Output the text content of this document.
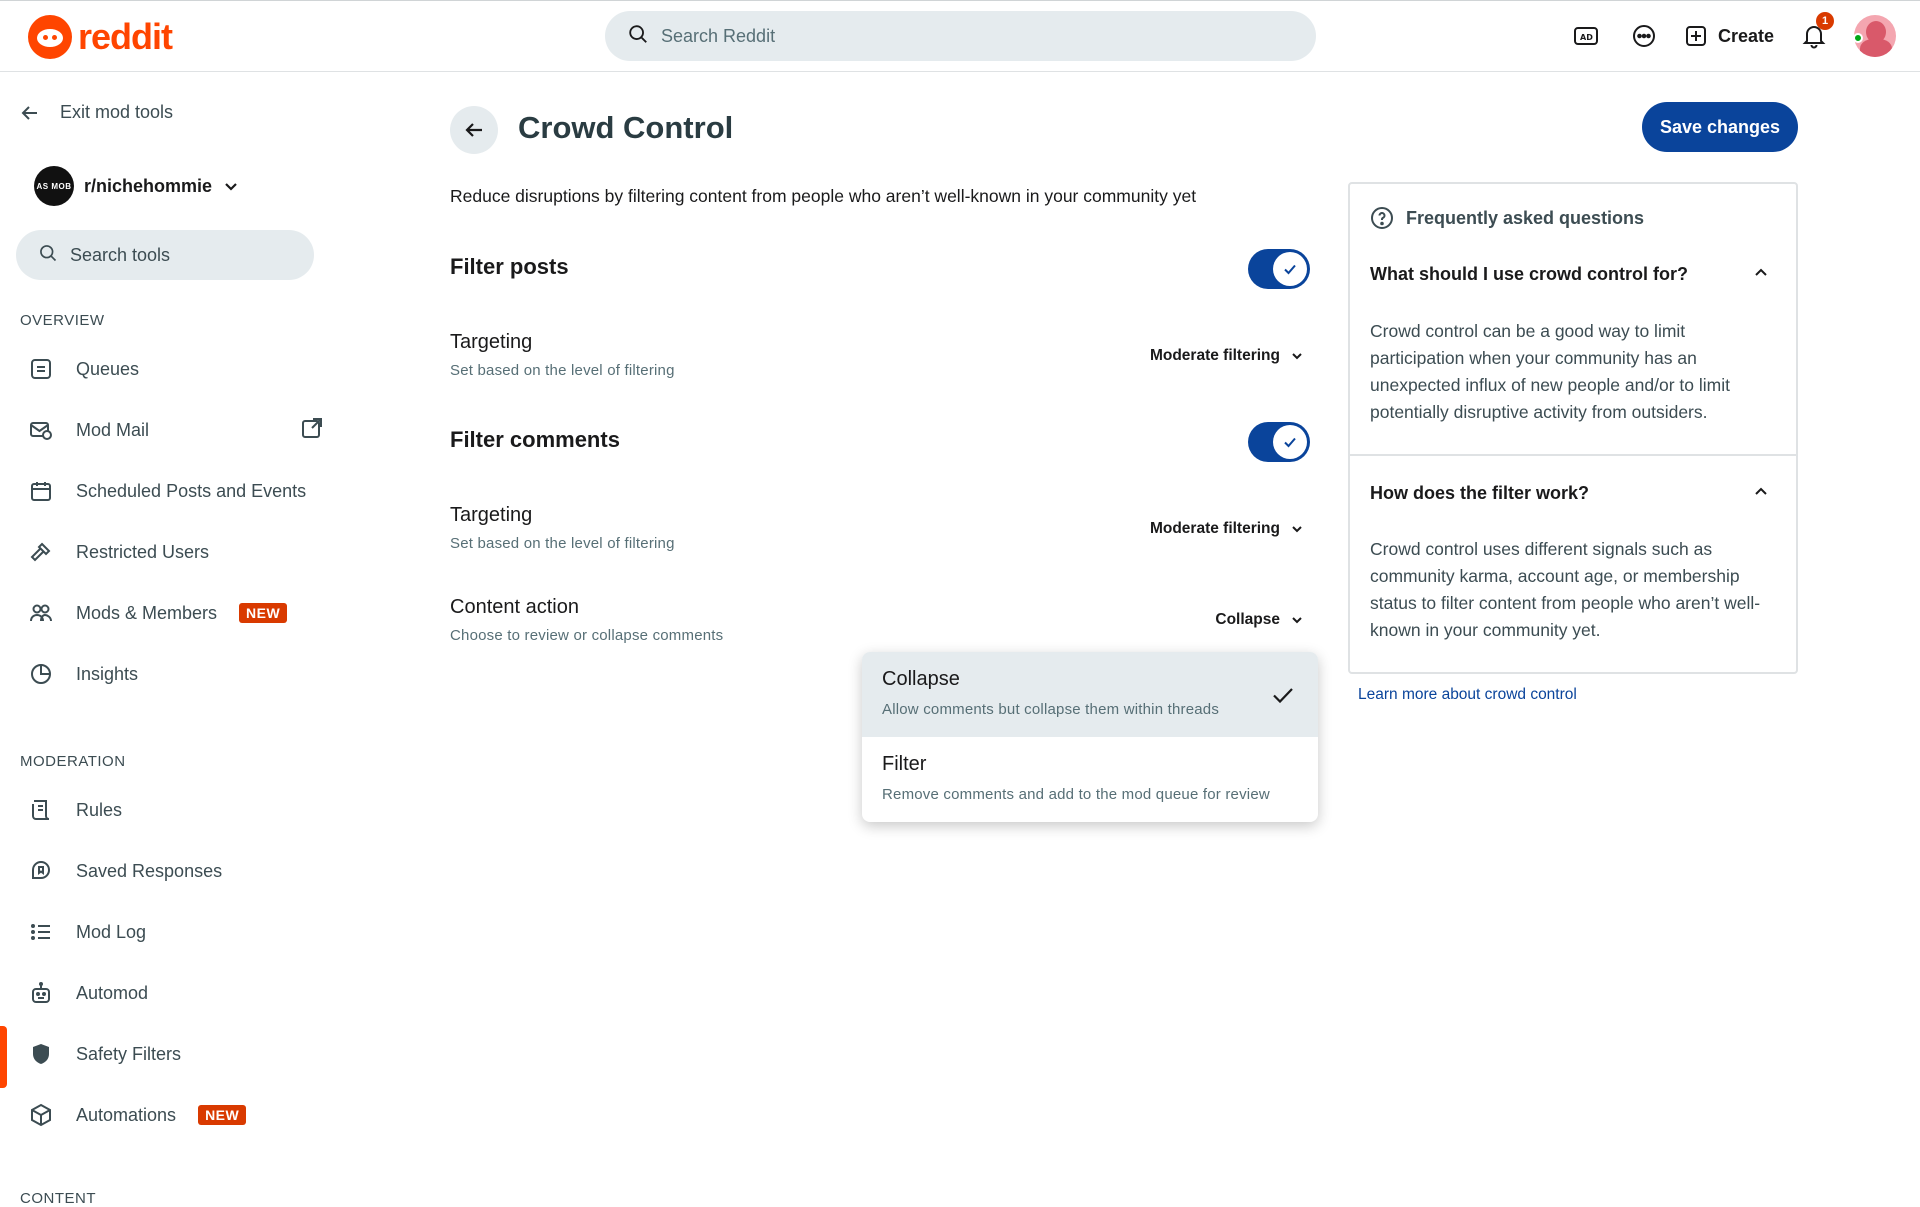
reddit
Search Reddit	AD	Create
1
Exit mod tools
AS MOB r/nichehommie
Search tools
OVERVIEW
Queues
Mod Mail
Scheduled Posts and Events
Restricted Users
Mods & Members	NEW
Insights
MODERATION
Rules
Saved Responses
Mod Log
Automod
Safety Filters
Automations	NEW
CONTENT
Crowd Control

Reduce disruptions by filtering content from people who aren’t well-known in your community yet

Filter posts
Targeting
Set based on the level of filtering
Moderate filtering
Filter comments
Targeting
Set based on the level of filtering
Moderate filtering
Content action
Choose to review or collapse comments
Collapse
Collapse
Allow comments but collapse them within threads
Filter
Remove comments and add to the mod queue for review
Save changes
Frequently asked questions
What should I use crowd control for?

Crowd control can be a good way to limit participation when your community has an unexpected influx of new people and/or to limit potentially disruptive activity from outsiders.

How does the filter work?

Crowd control uses different signals such as community karma, account age, or membership status to filter content from people who aren’t well-known in your community yet.

Learn more about crowd control
